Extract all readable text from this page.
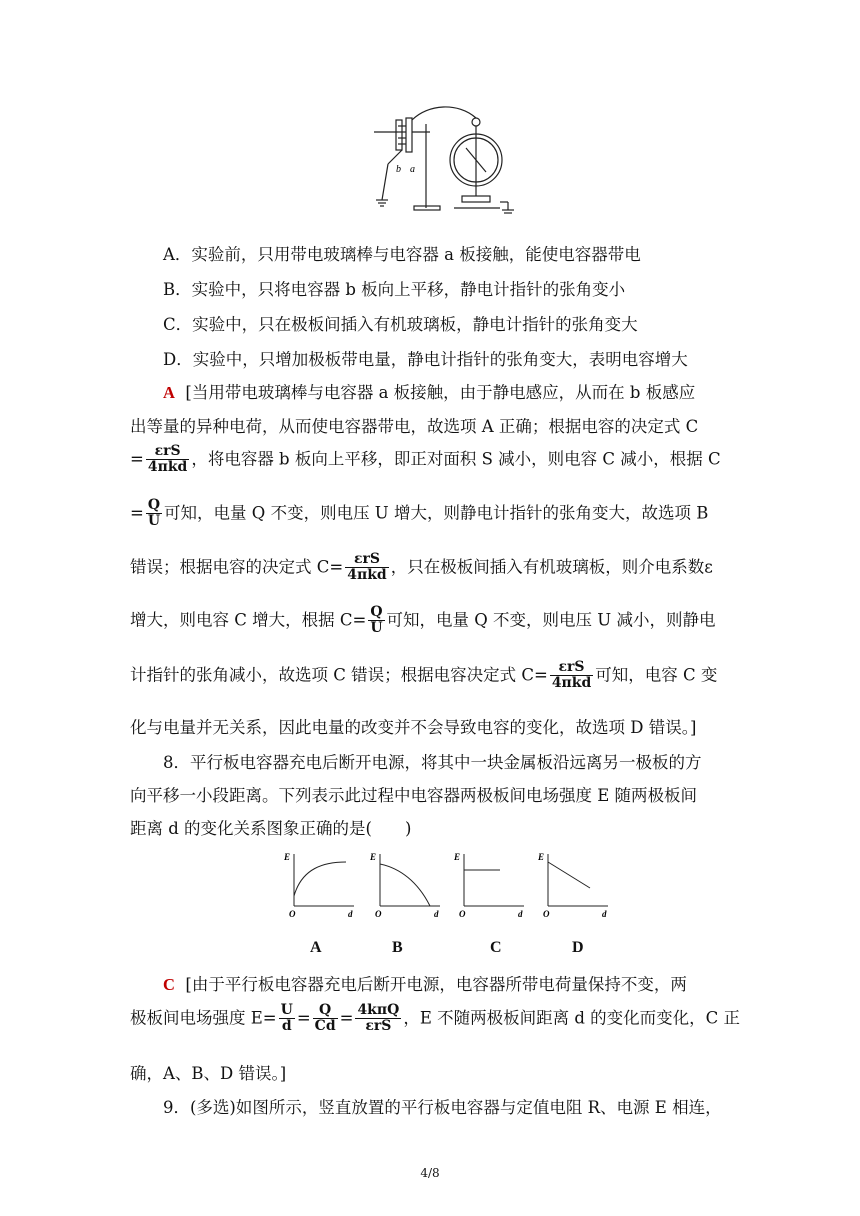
b a
A．实验前，只用带电玻璃棒与电容器 a 板接触，能使电容器带电
B．实验中，只将电容器 b 板向上平移，静电计指针的张角变小
C．实验中，只在极板间插入有机玻璃板，静电计指针的张角变大
D．实验中，只增加极板带电量，静电计指针的张角变大，表明电容增大
A [当用带电玻璃棒与电容器 a 板接触，由于静电感应，从而在 b 板感应
出等量的异种电荷，从而使电容器带电，故选项 A 正确；根据电容的决定式 C
= $\frac{\text{εrS}}{\text{4πkd}}$ ，将电容器 b 板向上平移，即正对面积 S 减小，则电容 C 减小，根据 C
= $\frac{Q}{U}$ 可知，电量 Q 不变，则电压 U 增大，则静电计指针的张角变大，故选项 B
错误；根据电容的决定式 $C= \frac{\text{εrS}}{\text{4πkd}}$ ，只在极板间插入有机玻璃板，则介电系数ε
增大，则电容 C 增大，根据 $C= \frac{Q}{U}$ 可知，电量 Q 不变，则电压 U 减小，则静电
计指针的张角减小，故选项 C 错误；根据电容决定式 $C= \frac{\text{εrS}}{\text{4πkd}}$ 可知，电容 C 变
化与电量并无关系，因此电量的改变并不会导致电容的变化，故选项 D 错误。]
8．平行板电容器充电后断开电源，将其中一块金属板沿远离另一极板的方
向平移一小段距离。下列表示此过程中电容器两极板间电场强度 E 随两极板间
距离 d 的变化关系图象正确的是(　　)
E
O	d
E
O	d
E
O	d
E
O	d
A	B	C	D
C [由于平行板电容器充电后断开电源，电容器所带电荷量保持不变，两
极板间电场强度 $E= \frac{U}{d} = \frac{Q}{Cd} = \frac{\text{4kπQ}}{\text{εrS}}$ ，E 不随两极板间距离 d 的变化而变化，C 正
确，A、B、D 错误。]
9．(多选)如图所示，竖直放置的平行板电容器与定值电阻 R、电源 E 相连，
4/8
